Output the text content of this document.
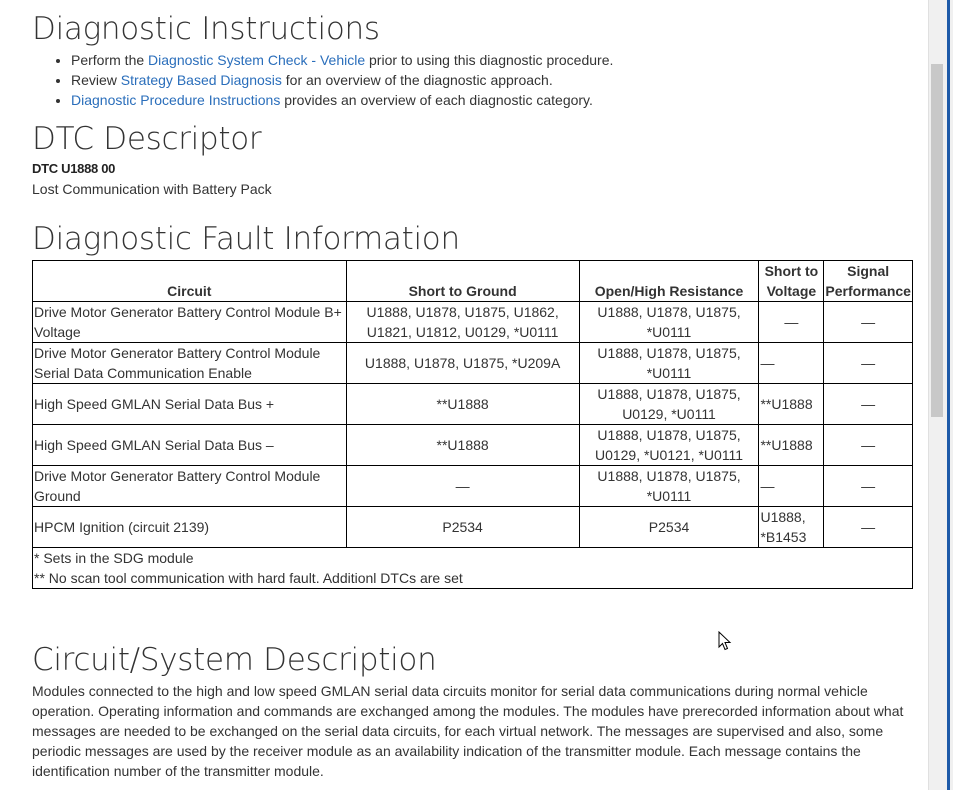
Diagnostic Instructions
• Perform the Diagnostic System Check - Vehicle prior to using this diagnostic procedure.
• Review Strategy Based Diagnosis for an overview of the diagnostic approach.
• Diagnostic Procedure Instructions provides an overview of each diagnostic category.
DTC Descriptor
DTC U1888 00
Lost Communication with Battery Pack
Diagnostic Fault Information
Circuit	Short to Ground	Open/High Resistance	Short to Voltage	Signal Performance
Drive Motor Generator Battery Control Module B+ Voltage	U1888, U1878, U1875, U1862, U1821, U1812, U0129, *U0111	U1888, U1878, U1875, *U0111	—	—
Drive Motor Generator Battery Control Module Serial Data Communication Enable	U1888, U1878, U1875, *U209A	U1888, U1878, U1875, *U0111	—	—
High Speed GMLAN Serial Data Bus +	**U1888	U1888, U1878, U1875, U0129, *U0111	**U1888	—
High Speed GMLAN Serial Data Bus –	**U1888	U1888, U1878, U1875, U0129, *U0121, *U0111	**U1888	—
Drive Motor Generator Battery Control Module Ground	—	U1888, U1878, U1875, *U0111	—	—
HPCM Ignition (circuit 2139)	P2534	P2534	U1888, *B1453	—

* Sets in the SDG module
** No scan tool communication with hard fault. Additionl DTCs are set				
Circuit/System Description

Modules connected to the high and low speed GMLAN serial data circuits monitor for serial data communications during normal vehicle operation. Operating information and commands are exchanged among the modules. The modules have prerecorded information about what messages are needed to be exchanged on the serial data circuits, for each virtual network. The messages are supervised and also, some periodic messages are used by the receiver module as an availability indication of the transmitter module. Each message contains the identification number of the transmitter module.
